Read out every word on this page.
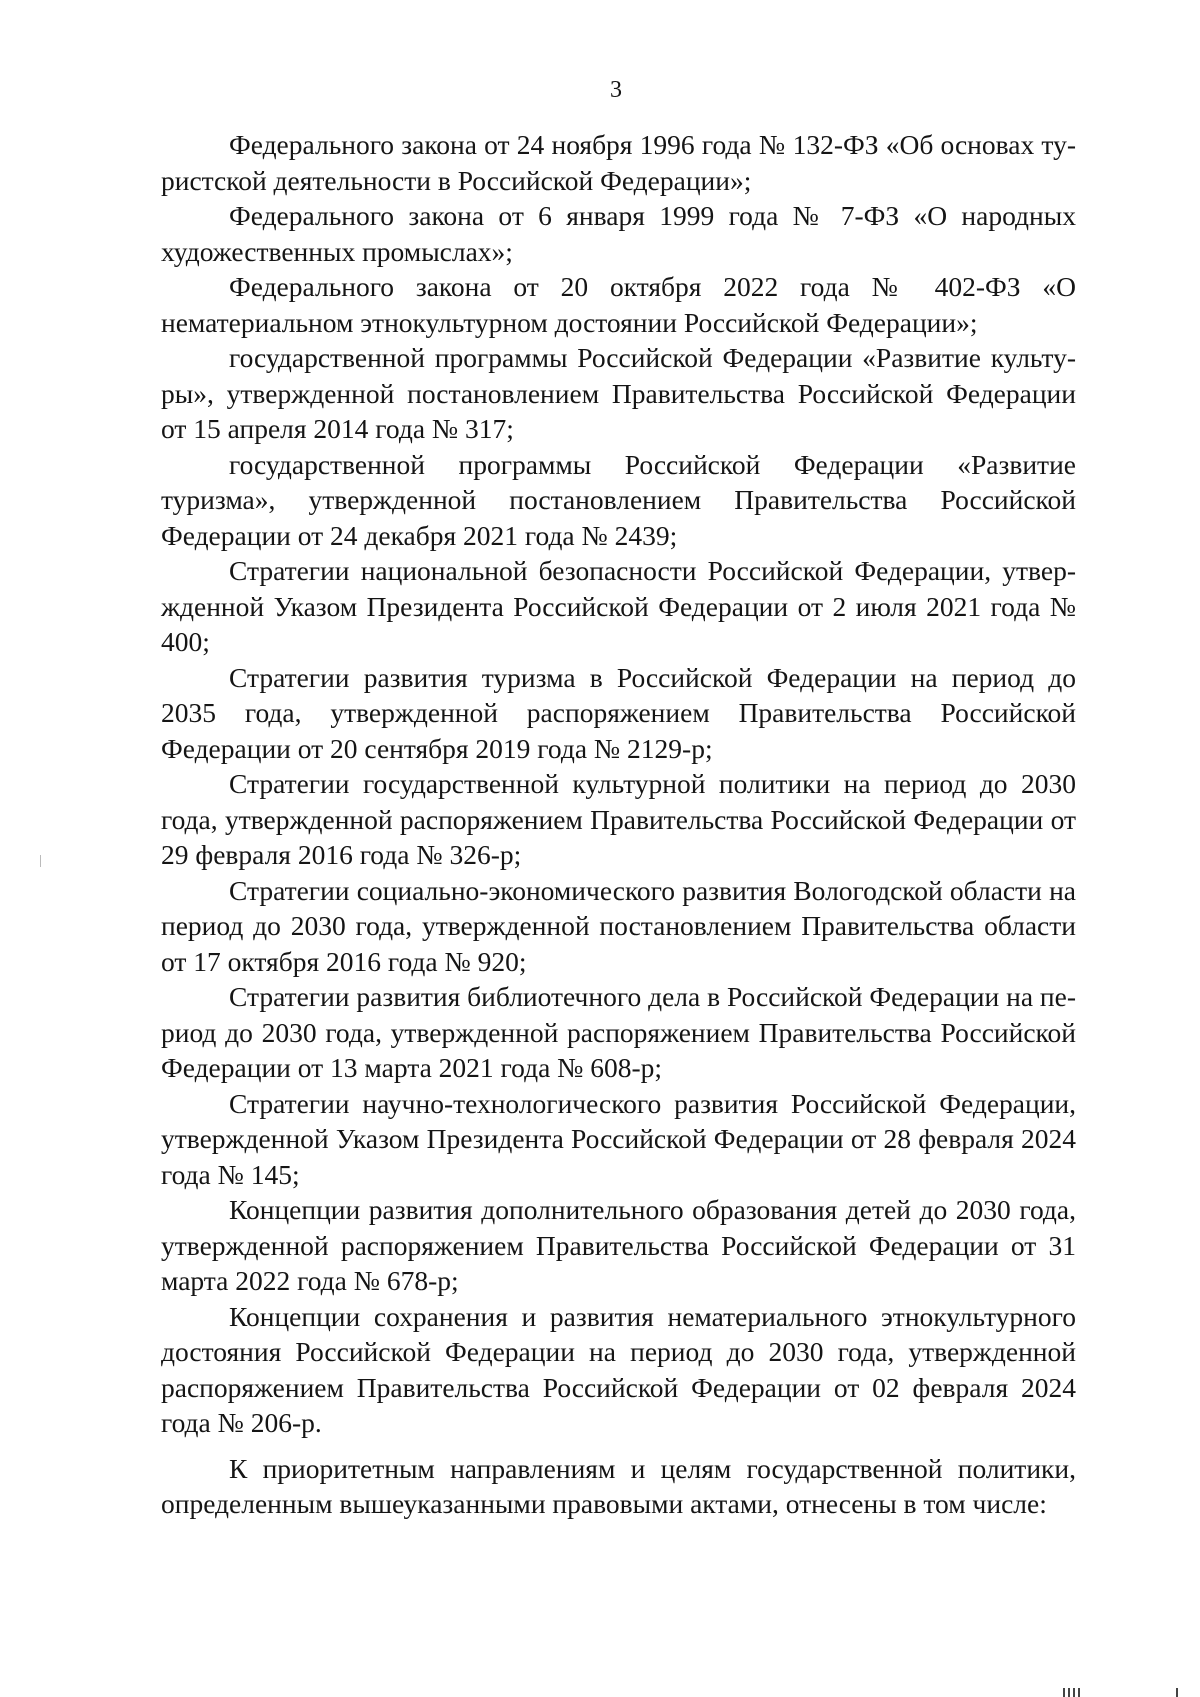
3

Федерального закона от 24 ноября 1996 года № 132-ФЗ «Об основах туристской деятельности в Российской Федерации»;

Федерального закона от 6 января 1999 года № 7-ФЗ «О народных художественных промыслах»;

Федерального закона от 20 октября 2022 года № 402-ФЗ «О нематериальном этнокультурном достоянии Российской Федерации»;

государственной программы Российской Федерации «Развитие культуры», утвержденной постановлением Правительства Российской Федерации от 15 апреля 2014 года № 317;

государственной программы Российской Федерации «Развитие туризма», утвержденной постановлением Правительства Российской Федерации от 24 декабря 2021 года № 2439;

Стратегии национальной безопасности Российской Федерации, утвержденной Указом Президента Российской Федерации от 2 июля 2021 года № 400;

Стратегии развития туризма в Российской Федерации на период до 2035 года, утвержденной распоряжением Правительства Российской Федерации от 20 сентября 2019 года № 2129-р;

Стратегии государственной культурной политики на период до 2030 года, утвержденной распоряжением Правительства Российской Федерации от 29 февраля 2016 года № 326-р;

Стратегии социально-экономического развития Вологодской области на период до 2030 года, утвержденной постановлением Правительства области от 17 октября 2016 года № 920;

Стратегии развития библиотечного дела в Российской Федерации на период до 2030 года, утвержденной распоряжением Правительства Российской Федерации от 13 марта 2021 года № 608-р;

Стратегии научно-технологического развития Российской Федерации, утвержденной Указом Президента Российской Федерации от 28 февраля 2024 года № 145;

Концепции развития дополнительного образования детей до 2030 года, утвержденной распоряжением Правительства Российской Федерации от 31 марта 2022 года № 678-р;

Концепции сохранения и развития нематериального этнокультурного достояния Российской Федерации на период до 2030 года, утвержденной распоряжением Правительства Российской Федерации от 02 февраля 2024 года № 206-р.

К приоритетным направлениям и целям государственной политики, определенным вышеуказанными правовыми актами, отнесены в том числе:
